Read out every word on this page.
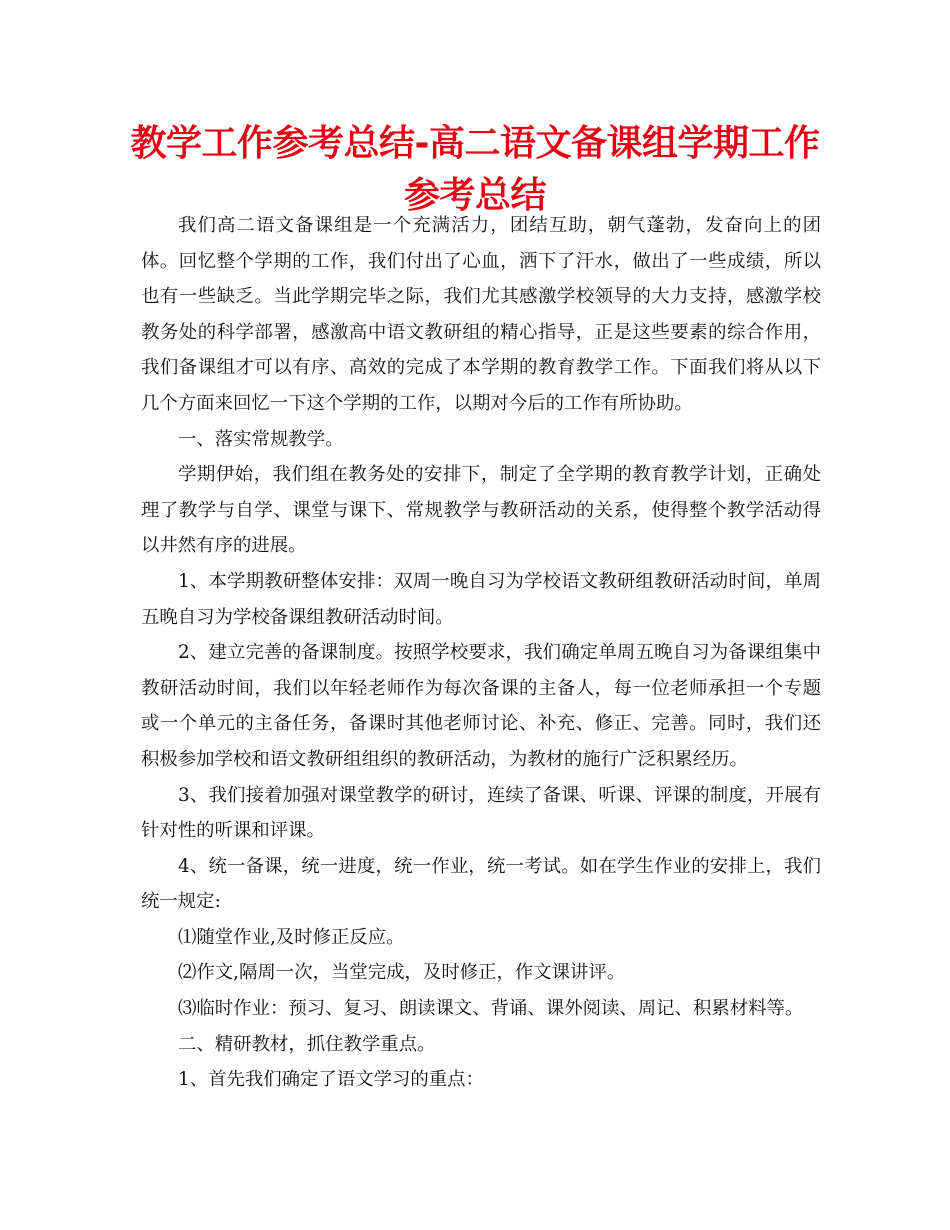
教学工作参考总结-高二语文备课组学期工作参考总结

我们高二语文备课组是一个充满活力，团结互助，朝气蓬勃，发奋向上的团体。回忆整个学期的工作，我们付出了心血，洒下了汗水，做出了一些成绩，所以也有一些缺乏。当此学期完毕之际，我们尤其感激学校领导的大力支持，感激学校教务处的科学部署，感激高中语文教研组的精心指导，正是这些要素的综合作用，我们备课组才可以有序、高效的完成了本学期的教育教学工作。下面我们将从以下几个方面来回忆一下这个学期的工作，以期对今后的工作有所协助。

一、落实常规教学。

学期伊始，我们组在教务处的安排下，制定了全学期的教育教学计划，正确处理了教学与自学、课堂与课下、常规教学与教研活动的关系，使得整个教学活动得以井然有序的进展。

1、本学期教研整体安排：双周一晚自习为学校语文教研组教研活动时间，单周五晚自习为学校备课组教研活动时间。

2、建立完善的备课制度。按照学校要求，我们确定单周五晚自习为备课组集中教研活动时间，我们以年轻老师作为每次备课的主备人，每一位老师承担一个专题或一个单元的主备任务，备课时其他老师讨论、补充、修正、完善。同时，我们还积极参加学校和语文教研组组织的教研活动，为教材的施行广泛积累经历。

3、我们接着加强对课堂教学的研讨，连续了备课、听课、评课的制度，开展有针对性的听课和评课。

4、统一备课，统一进度，统一作业，统一考试。如在学生作业的安排上，我们统一规定:

⑴随堂作业,及时修正反应。

⑵作文,隔周一次，当堂完成，及时修正，作文课讲评。

⑶临时作业：预习、复习、朗读课文、背诵、课外阅读、周记、积累材料等。

二、精研教材，抓住教学重点。

1、首先我们确定了语文学习的重点：
